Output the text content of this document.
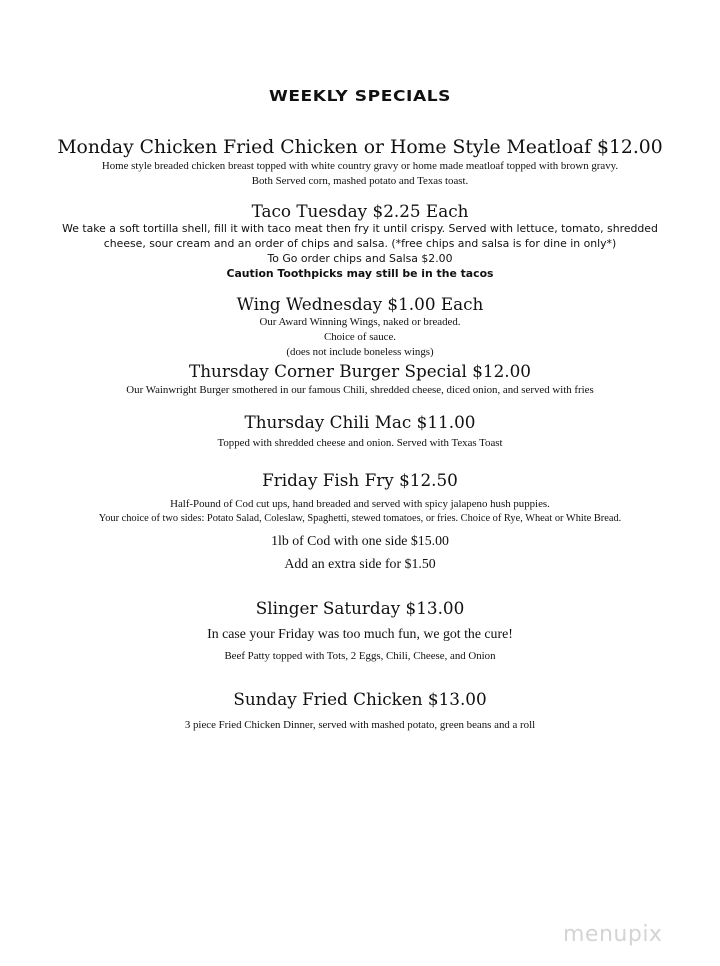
WEEKLY SPECIALS
Monday Chicken Fried Chicken or Home Style Meatloaf $12.00
Home style breaded chicken breast topped with white country gravy or home made meatloaf topped with brown gravy.
Both Served corn, mashed potato and Texas toast.
Taco Tuesday $2.25 Each
We take a soft tortilla shell, fill it with taco meat then fry it until crispy. Served with lettuce, tomato, shredded
cheese, sour cream and an order of chips and salsa. (*free chips and salsa is for dine in only*)
To Go order chips and Salsa $2.00
Caution Toothpicks may still be in the tacos
Wing Wednesday $1.00 Each
Our Award Winning Wings, naked or breaded.
Choice of sauce.
(does not include boneless wings)
Thursday Corner Burger Special $12.00
Our Wainwright Burger smothered in our famous Chili, shredded cheese, diced onion, and served with fries
Thursday Chili Mac $11.00
Topped with shredded cheese and onion. Served with Texas Toast
Friday Fish Fry $12.50
Half-Pound of Cod cut ups, hand breaded and served with spicy jalapeno hush puppies.
Your choice of two sides: Potato Salad, Coleslaw, Spaghetti, stewed tomatoes, or fries. Choice of Rye, Wheat or White Bread.
1lb of Cod with one side $15.00
Add an extra side for $1.50
Slinger Saturday $13.00
In case your Friday was too much fun, we got the cure!
Beef Patty topped with Tots, 2 Eggs, Chili, Cheese, and Onion
Sunday Fried Chicken $13.00
3 piece Fried Chicken Dinner, served with mashed potato, green beans and a roll
menupix
